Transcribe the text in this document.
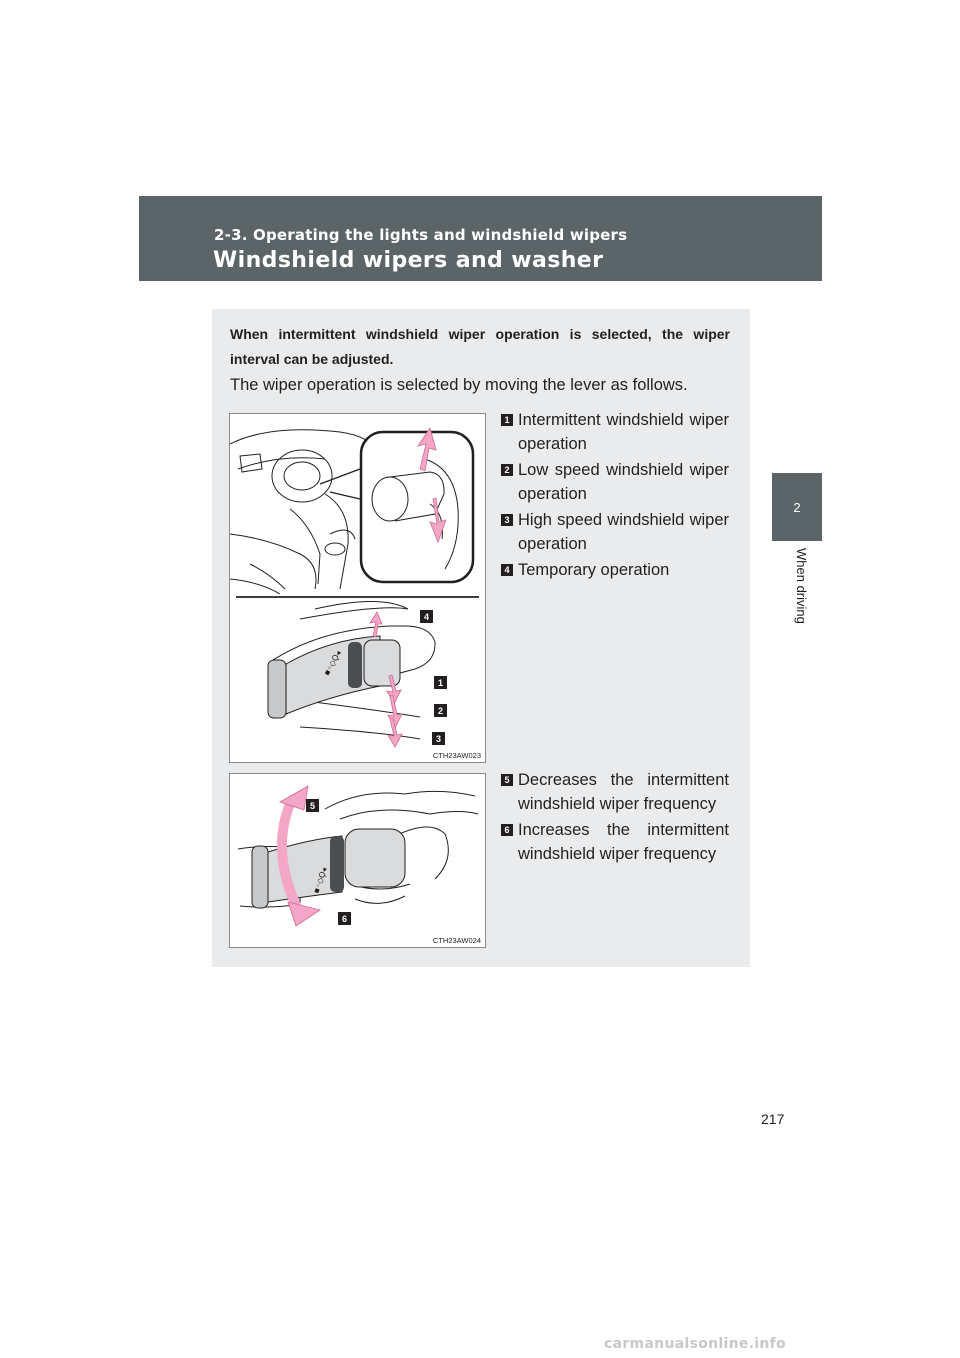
2-3. Operating the lights and windshield wipers
Windshield wipers and washer
2
When driving
When intermittent windshield wiper operation is selected, the wiper interval can be adjusted.
The wiper operation is selected by moving the lever as follows.
▪◦◇Ϙ◂
4
1
2
3
CTH23AW023
1 Intermittent windshield wiper operation
2 Low speed windshield wiper operation
3 High speed windshield wiper operation
4 Temporary operation
▪◦◇Ϙ◂
5
6
CTH23AW024
5 Decreases the intermittent windshield wiper frequency
6 Increases the intermittent windshield wiper frequency
217
carmanualsonline.info
